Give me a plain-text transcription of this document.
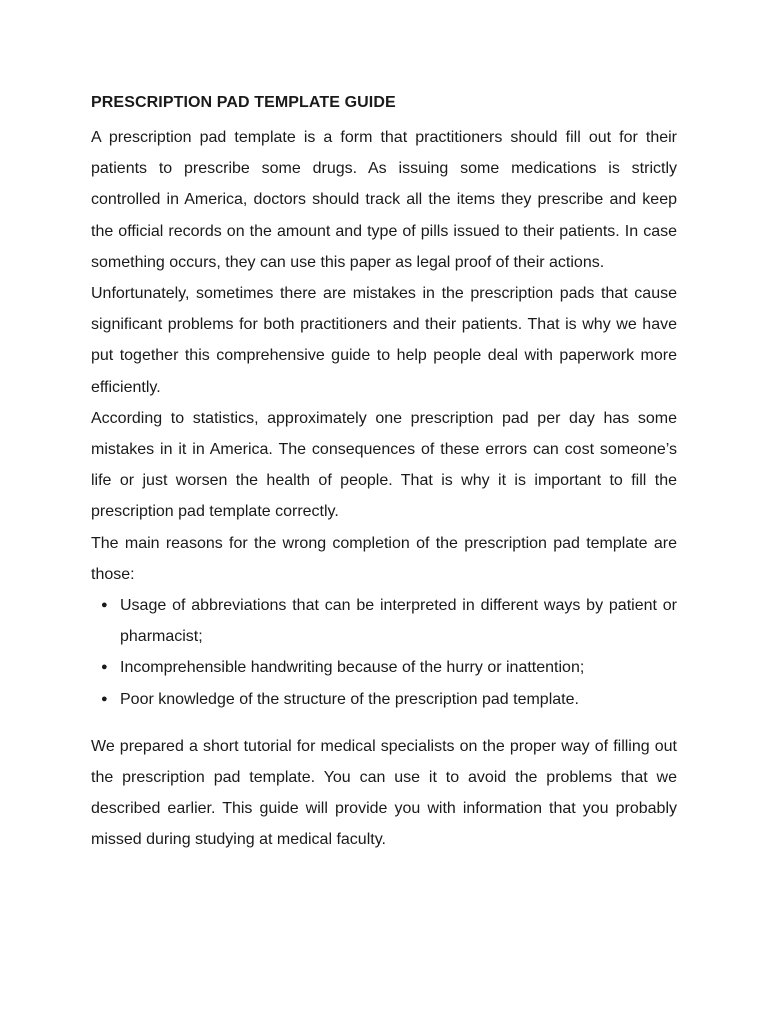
PRESCRIPTION PAD TEMPLATE GUIDE

A prescription pad template is a form that practitioners should fill out for their patients to prescribe some drugs. As issuing some medications is strictly controlled in America, doctors should track all the items they prescribe and keep the official records on the amount and type of pills issued to their patients. In case something occurs, they can use this paper as legal proof of their actions.

Unfortunately, sometimes there are mistakes in the prescription pads that cause significant problems for both practitioners and their patients. That is why we have put together this comprehensive guide to help people deal with paperwork more efficiently.

According to statistics, approximately one prescription pad per day has some mistakes in it in America. The consequences of these errors can cost someone’s life or just worsen the health of people. That is why it is important to fill the prescription pad template correctly.

The main reasons for the wrong completion of the prescription pad template are those:

● Usage of abbreviations that can be interpreted in different ways by patient or pharmacist;
● Incomprehensible handwriting because of the hurry or inattention;
● Poor knowledge of the structure of the prescription pad template.

We prepared a short tutorial for medical specialists on the proper way of filling out the prescription pad template. You can use it to avoid the problems that we described earlier. This guide will provide you with information that you probably missed during studying at medical faculty.
